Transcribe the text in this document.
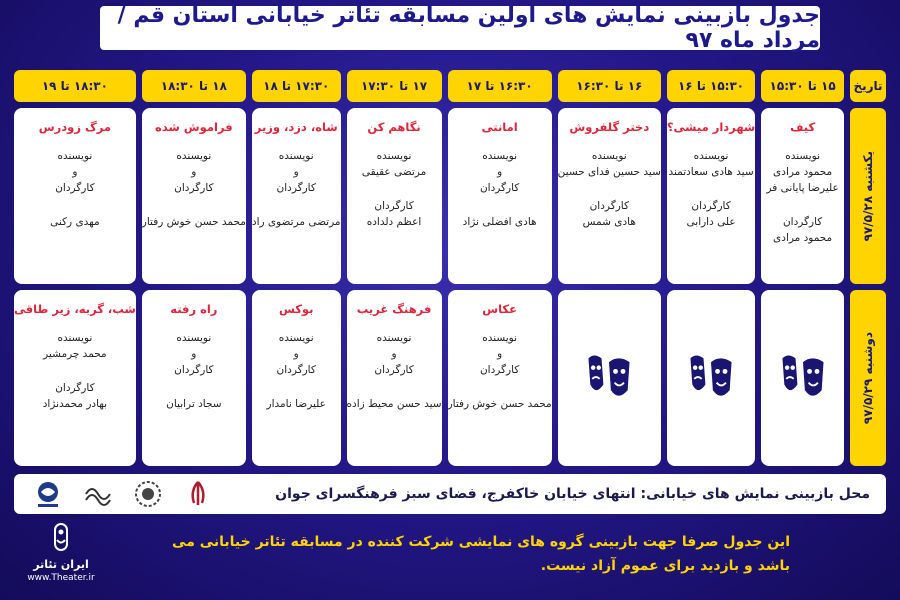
جدول بازبینی نمایش های اولین مسابقه تئاتر خیابانی استان قم / مرداد ماه ۹۷
تاریخ
۱۵ تا ۱۵:۳۰
۱۵:۳۰ تا ۱۶
۱۶ تا ۱۶:۳۰
۱۶:۳۰ تا ۱۷
۱۷ تا ۱۷:۳۰
۱۷:۳۰ تا ۱۸
۱۸ تا ۱۸:۳۰
۱۸:۳۰ تا ۱۹
یکشنبه ۹۷/۵/۲۸
کیف
نویسنده
محمود مرادی
علیرضا پایانی فر
کارگردان
محمود مرادی
شهردار میشی؟
نویسنده
سید هادی سعادتمند
کارگردان
علی دارابی
دختر گلفروش
نویسنده
سید حسین فدای حسین
کارگردان
هادی شمس
امانتی
نویسنده
و
کارگردان
هادی افضلی نژاد
نگاهم کن
نویسنده
مرتضی عقیقی
کارگردان
اعظم دلداده
شاه، دزد، وزیر
نویسنده
و
کارگردان
مرتضی مرتضوی راد
فراموش شده
نویسنده
و
کارگردان
محمد حسن خوش رفتار
مرگ زودرس
نویسنده
و
کارگردان
مهدی رکنی
دوشنبه ۹۷/۵/۲۹
عکاس
نویسنده
و
کارگردان
محمد حسن خوش رفتار
فرهنگ غریب
نویسنده
و
کارگردان
سید حسن محیط زاده
بوکس
نویسنده
و
کارگردان
علیرضا نامدار
راه رفته
نویسنده
و
کارگردان
سجاد ترابیان
شب، گربه، زیر طاقی
نویسنده
محمد چرمشیر
کارگردان
بهادر محمدنژاد
محل بازبینی نمایش های خیابانی: انتهای خیابان خاکفرج، فضای سبز فرهنگسرای جوان
این جدول صرفا جهت بازبینی گروه های نمایشی شرکت کننده در مسابقه تئاتر خیابانی می باشد و بازدید برای عموم آزاد نیست.
ایران تئاتر
www.Theater.ir
